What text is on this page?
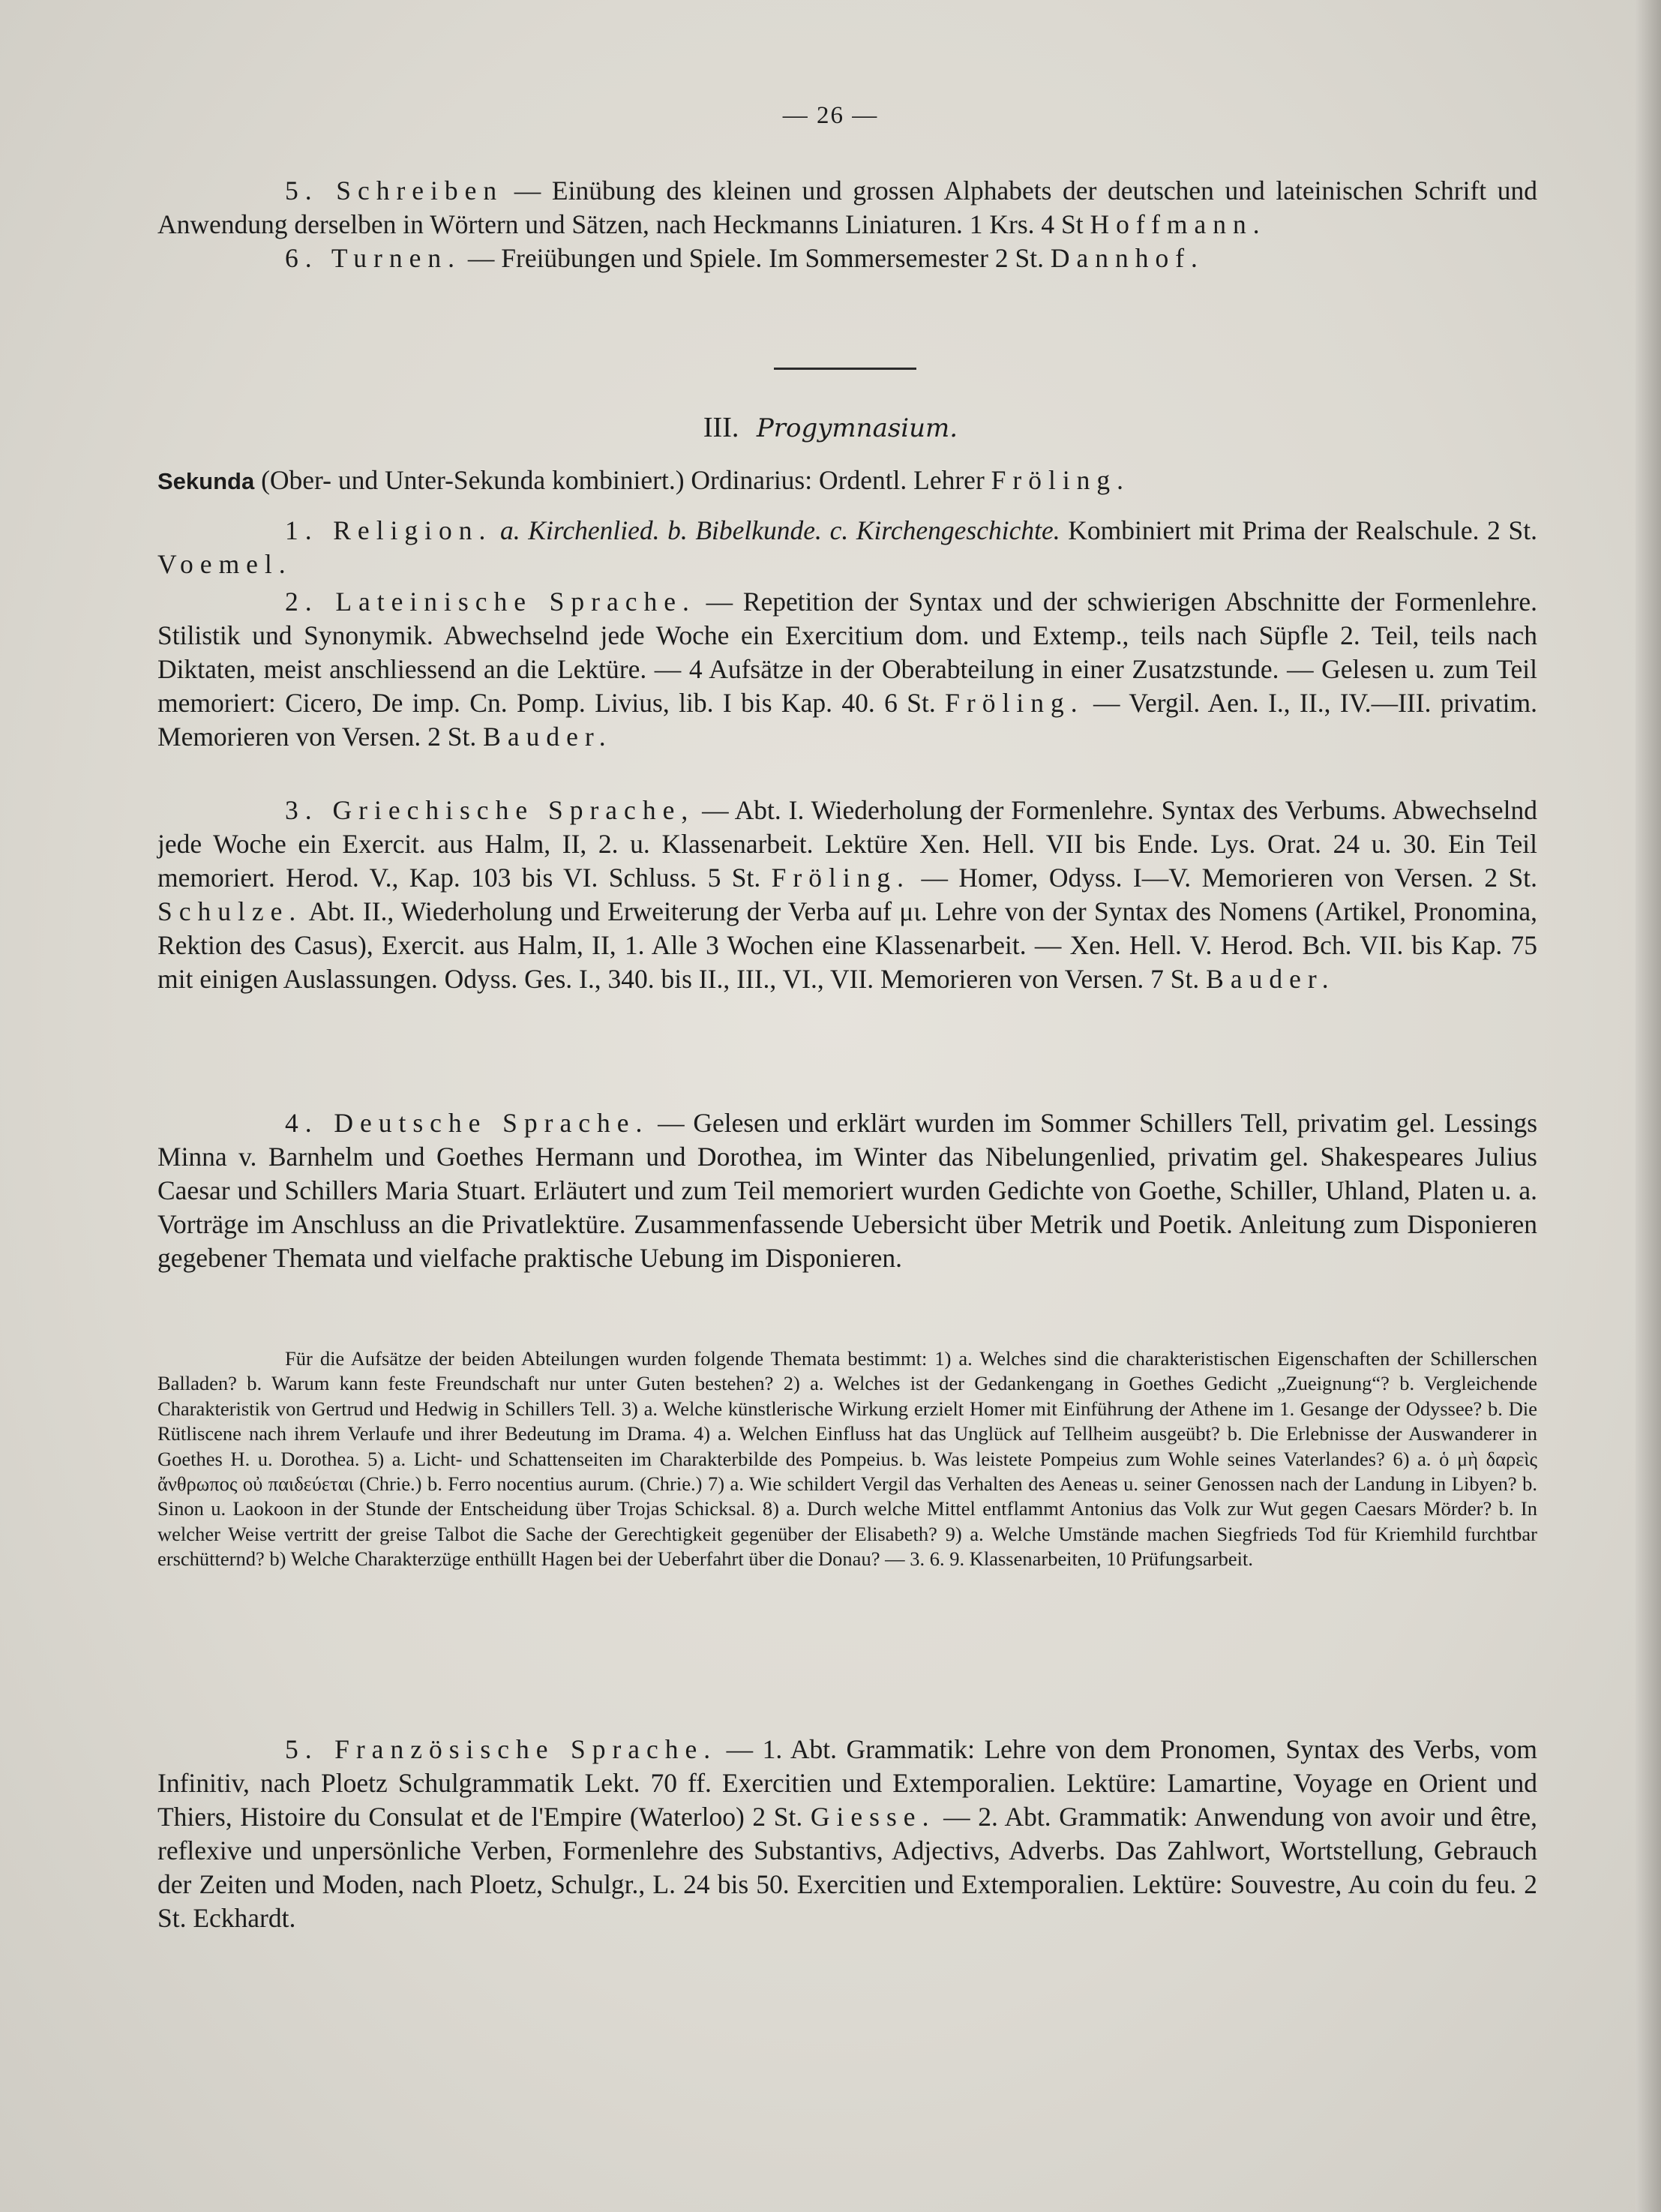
— 26 —

5. Schreiben — Einübung des kleinen und grossen Alphabets der deutschen und lateinischen Schrift und Anwendung derselben in Wörtern und Sätzen, nach Heckmanns Liniaturen. 1 Krs. 4 St Hoffmann.

6. Turnen. — Freiübungen und Spiele. Im Sommersemester 2 St. Dannhof.

III. Progymnasium.
Sekunda (Ober- und Unter-Sekunda kombiniert.) Ordinarius: Ordentl. Lehrer Fröling.

1. Religion. a. Kirchenlied. b. Bibelkunde. c. Kirchengeschichte. Kombiniert mit Prima der Realschule. 2 St. Voemel.

2. Lateinische Sprache. — Repetition der Syntax und der schwierigen Abschnitte der Formenlehre. Stilistik und Synonymik. Abwechselnd jede Woche ein Exercitium dom. und Extemp., teils nach Süpfle 2. Teil, teils nach Diktaten, meist anschliessend an die Lektüre. — 4 Aufsätze in der Oberabteilung in einer Zusatzstunde. — Gelesen u. zum Teil memoriert: Cicero, De imp. Cn. Pomp. Livius, lib. I bis Kap. 40. 6 St. Fröling. — Vergil. Aen. I., II., IV.—III. privatim. Memorieren von Versen. 2 St. Bauder.

3. Griechische Sprache, — Abt. I. Wiederholung der Formenlehre. Syntax des Verbums. Abwechselnd jede Woche ein Exercit. aus Halm, II, 2. u. Klassenarbeit. Lektüre Xen. Hell. VII bis Ende. Lys. Orat. 24 u. 30. Ein Teil memoriert. Herod. V., Kap. 103 bis VI. Schluss. 5 St. Fröling. — Homer, Odyss. I—V. Memorieren von Versen. 2 St. Schulze. Abt. II., Wiederholung und Erweiterung der Verba auf μι. Lehre von der Syntax des Nomens (Artikel, Pronomina, Rektion des Casus), Exercit. aus Halm, II, 1. Alle 3 Wochen eine Klassenarbeit. — Xen. Hell. V. Herod. Bch. VII. bis Kap. 75 mit einigen Auslassungen. Odyss. Ges. I., 340. bis II., III., VI., VII. Memorieren von Versen. 7 St. Bauder.

4. Deutsche Sprache. — Gelesen und erklärt wurden im Sommer Schillers Tell, privatim gel. Lessings Minna v. Barnhelm und Goethes Hermann und Dorothea, im Winter das Nibelungenlied, privatim gel. Shakespeares Julius Caesar und Schillers Maria Stuart. Erläutert und zum Teil memoriert wurden Gedichte von Goethe, Schiller, Uhland, Platen u. a. Vorträge im Anschluss an die Privatlektüre. Zusammenfassende Uebersicht über Metrik und Poetik. Anleitung zum Disponieren gegebener Themata und vielfache praktische Uebung im Disponieren.

Für die Aufsätze der beiden Abteilungen wurden folgende Themata bestimmt: 1) a. Welches sind die charakteristischen Eigenschaften der Schillerschen Balladen? b. Warum kann feste Freundschaft nur unter Guten bestehen? 2) a. Welches ist der Gedankengang in Goethes Gedicht „Zueignung“? b. Vergleichende Charakteristik von Gertrud und Hedwig in Schillers Tell. 3) a. Welche künstlerische Wirkung erzielt Homer mit Einführung der Athene im 1. Gesange der Odyssee? b. Die Rütliscene nach ihrem Verlaufe und ihrer Bedeutung im Drama. 4) a. Welchen Einfluss hat das Unglück auf Tellheim ausgeübt? b. Die Erlebnisse der Auswanderer in Goethes H. u. Dorothea. 5) a. Licht- und Schattenseiten im Charakterbilde des Pompeius. b. Was leistete Pompeius zum Wohle seines Vaterlandes? 6) a. ὁ μὴ δαρεὶς ἄνθρωπος οὐ παιδεύεται (Chrie.) b. Ferro nocentius aurum. (Chrie.) 7) a. Wie schildert Vergil das Verhalten des Aeneas u. seiner Genossen nach der Landung in Libyen? b. Sinon u. Laokoon in der Stunde der Entscheidung über Trojas Schicksal. 8) a. Durch welche Mittel entflammt Antonius das Volk zur Wut gegen Caesars Mörder? b. In welcher Weise vertritt der greise Talbot die Sache der Gerechtigkeit gegenüber der Elisabeth? 9) a. Welche Umstände machen Siegfrieds Tod für Kriemhild furchtbar erschütternd? b) Welche Charakterzüge enthüllt Hagen bei der Ueberfahrt über die Donau? — 3. 6. 9. Klassenarbeiten, 10 Prüfungsarbeit.

5. Französische Sprache. — 1. Abt. Grammatik: Lehre von dem Pronomen, Syntax des Verbs, vom Infinitiv, nach Ploetz Schulgrammatik Lekt. 70 ff. Exercitien und Extemporalien. Lektüre: Lamartine, Voyage en Orient und Thiers, Histoire du Consulat et de l'Empire (Waterloo) 2 St. Giesse. — 2. Abt. Grammatik: Anwendung von avoir und être, reflexive und unpersönliche Verben, Formenlehre des Substantivs, Adjectivs, Adverbs. Das Zahlwort, Wortstellung, Gebrauch der Zeiten und Moden, nach Ploetz, Schulgr., L. 24 bis 50. Exercitien und Extemporalien. Lektüre: Souvestre, Au coin du feu. 2 St. Eckhardt.
